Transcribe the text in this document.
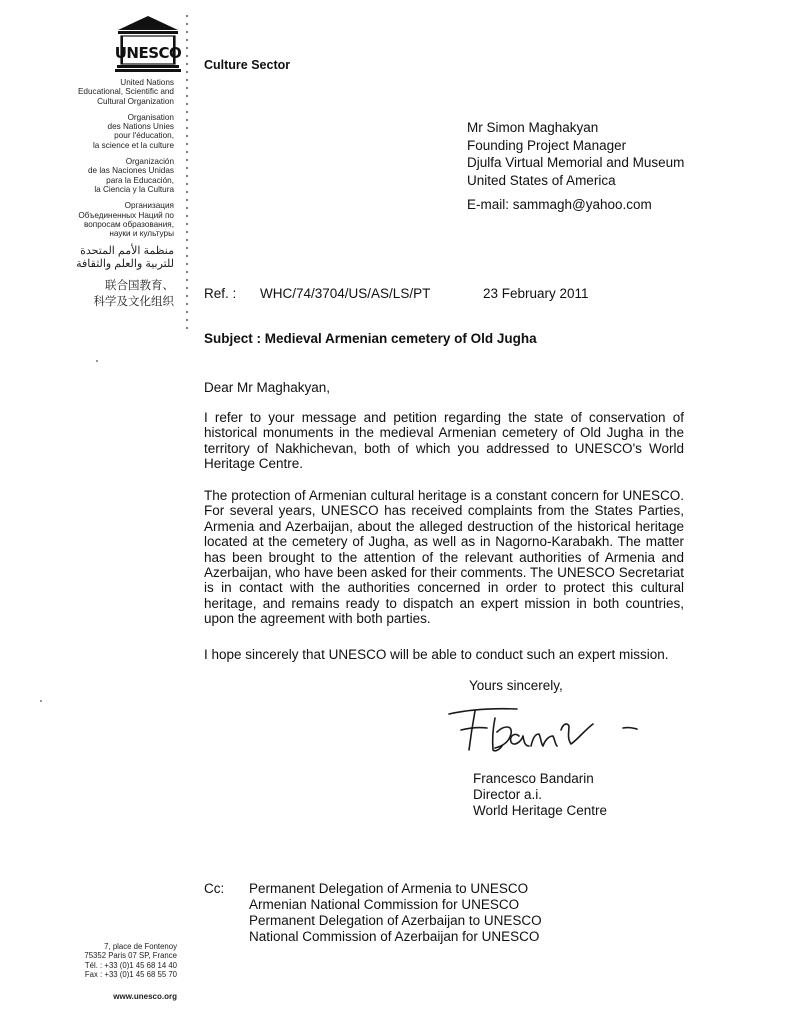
UNESCO
United Nations
Educational, Scientific and
Cultural Organization
Organisation
des Nations Unies
pour l'éducation,
la science et la culture
Organización
de las Naciones Unidas
para la Educación,
la Ciencia y la Cultura
Организация
Объединенных Наций по
вопросам образования,
науки и культуры
منظمة الأمم المتحدة
للتربية والعلم والثقافة
联合国教育、
科学及文化组织
7, place de Fontenoy
75352 Paris 07 SP, France
Tél. : +33 (0)1 45 68 14 40
Fax : +33 (0)1 45 68 55 70
www.unesco.org
Culture Sector
Mr Simon Maghakyan
Founding Project Manager
Djulfa Virtual Memorial and Museum
United States of America
E-mail: sammagh@yahoo.com
Ref. : WHC/74/3704/US/AS/LS/PT	23 February 2011
Subject : Medieval Armenian cemetery of Old Jugha

Dear Mr Maghakyan,

I refer to your message and petition regarding the state of conservation of historical monuments in the medieval Armenian cemetery of Old Jugha in the territory of Nakhichevan, both of which you addressed to UNESCO's World Heritage Centre.

The protection of Armenian cultural heritage is a constant concern for UNESCO. For several years, UNESCO has received complaints from the States Parties, Armenia and Azerbaijan, about the alleged destruction of the historical heritage located at the cemetery of Jugha, as well as in Nagorno-Karabakh. The matter has been brought to the attention of the relevant authorities of Armenia and Azerbaijan, who have been asked for their comments. The UNESCO Secretariat is in contact with the authorities concerned in order to protect this cultural heritage, and remains ready to dispatch an expert mission in both countries, upon the agreement with both parties.

I hope sincerely that UNESCO will be able to conduct such an expert mission.

Yours sincerely,
Francesco Bandarin
Director a.i.
World Heritage Centre
Cc: Permanent Delegation of Armenia to UNESCO
Armenian National Commission for UNESCO
Permanent Delegation of Azerbaijan to UNESCO
National Commission of Azerbaijan for UNESCO
